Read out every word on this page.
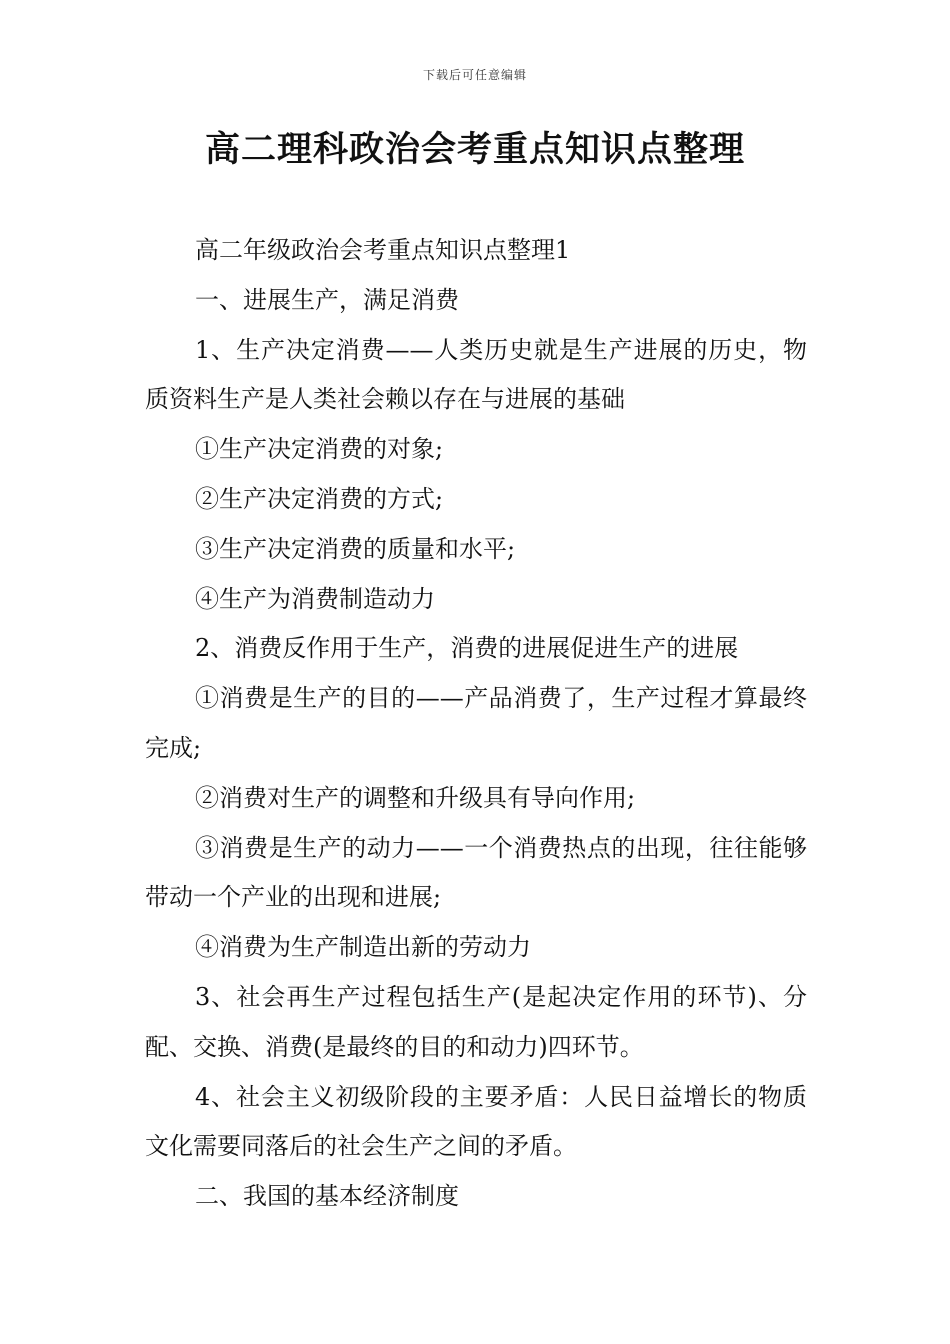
下载后可任意编辑
高二理科政治会考重点知识点整理

高二年级政治会考重点知识点整理1

一、进展生产，满足消费

1、生产决定消费——人类历史就是生产进展的历史，物质资料生产是人类社会赖以存在与进展的基础

①生产决定消费的对象;

②生产决定消费的方式;

③生产决定消费的质量和水平;

④生产为消费制造动力

2、消费反作用于生产，消费的进展促进生产的进展

①消费是生产的目的——产品消费了，生产过程才算最终完成;

②消费对生产的调整和升级具有导向作用;

③消费是生产的动力——一个消费热点的出现，往往能够带动一个产业的出现和进展;

④消费为生产制造出新的劳动力

3、社会再生产过程包括生产(是起决定作用的环节)、分配、交换、消费(是最终的目的和动力)四环节。

4、社会主义初级阶段的主要矛盾：人民日益增长的物质文化需要同落后的社会生产之间的矛盾。

二、我国的基本经济制度
